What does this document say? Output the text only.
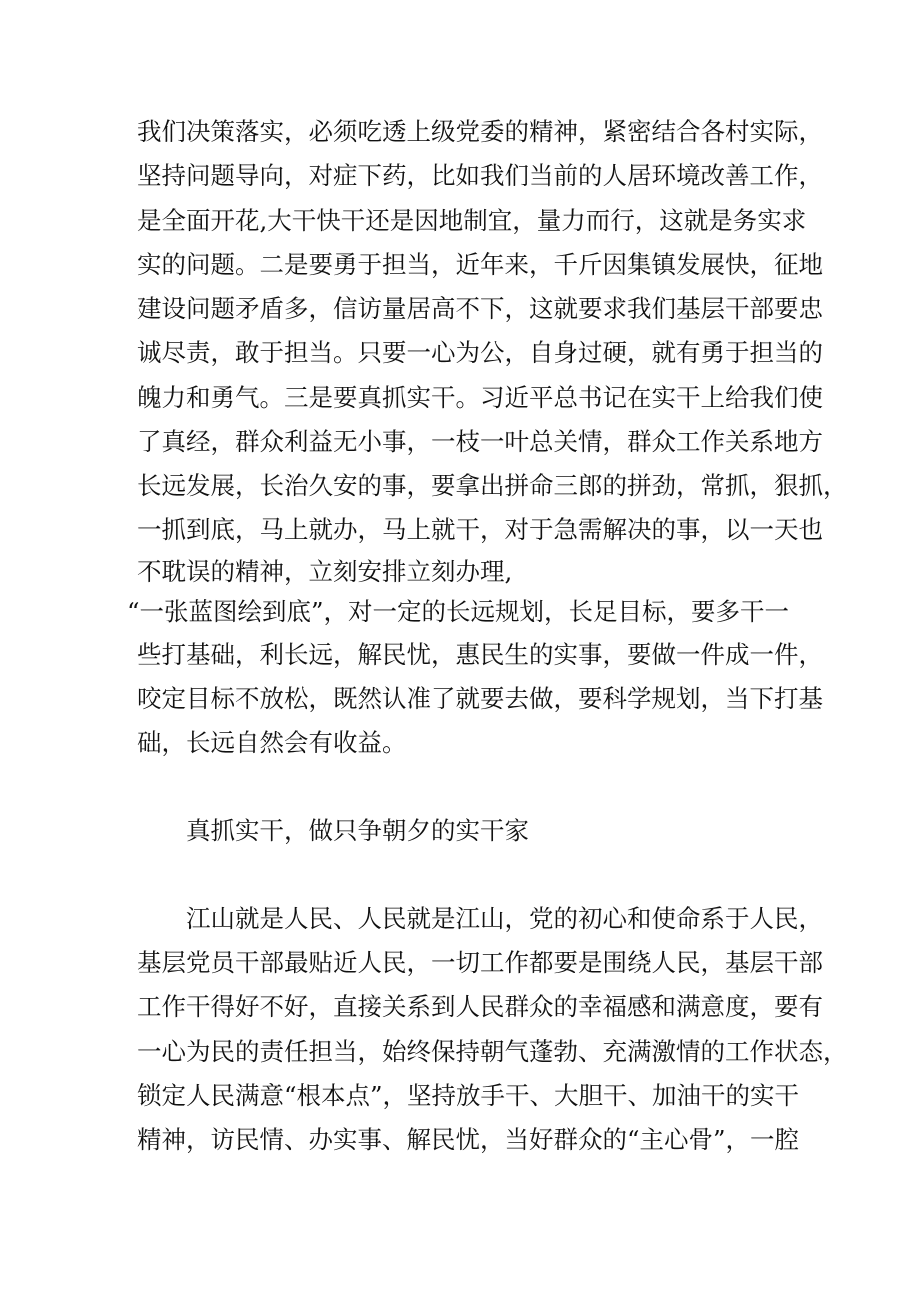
我们决策落实，必须吃透上级党委的精神，紧密结合各村实际，
坚持问题导向，对症下药，比如我们当前的人居环境改善工作，
是全面开花,大干快干还是因地制宜，量力而行，这就是务实求
实的问题。二是要勇于担当，近年来，千斤因集镇发展快，征地
建设问题矛盾多，信访量居高不下，这就要求我们基层干部要忠
诚尽责，敢于担当。只要一心为公，自身过硬，就有勇于担当的
魄力和勇气。三是要真抓实干。习近平总书记在实干上给我们使
了真经，群众利益无小事，一枝一叶总关情，群众工作关系地方
长远发展，长治久安的事，要拿出拼命三郎的拼劲，常抓，狠抓，
一抓到底，马上就办，马上就干，对于急需解决的事，以一天也
不耽误的精神，立刻安排立刻办理,
“一张蓝图绘到底”，对一定的长远规划，长足目标，要多干一
些打基础，利长远，解民忧，惠民生的实事，要做一件成一件，
咬定目标不放松，既然认准了就要去做，要科学规划，当下打基
础，长远自然会有收益。
真抓实干，做只争朝夕的实干家
江山就是人民、人民就是江山，党的初心和使命系于人民，
基层党员干部最贴近人民，一切工作都要是围绕人民，基层干部
工作干得好不好，直接关系到人民群众的幸福感和满意度，要有
一心为民的责任担当，始终保持朝气蓬勃、充满激情的工作状态，
锁定人民满意“根本点”，坚持放手干、大胆干、加油干的实干
精神，访民情、办实事、解民忧，当好群众的“主心骨”，一腔
